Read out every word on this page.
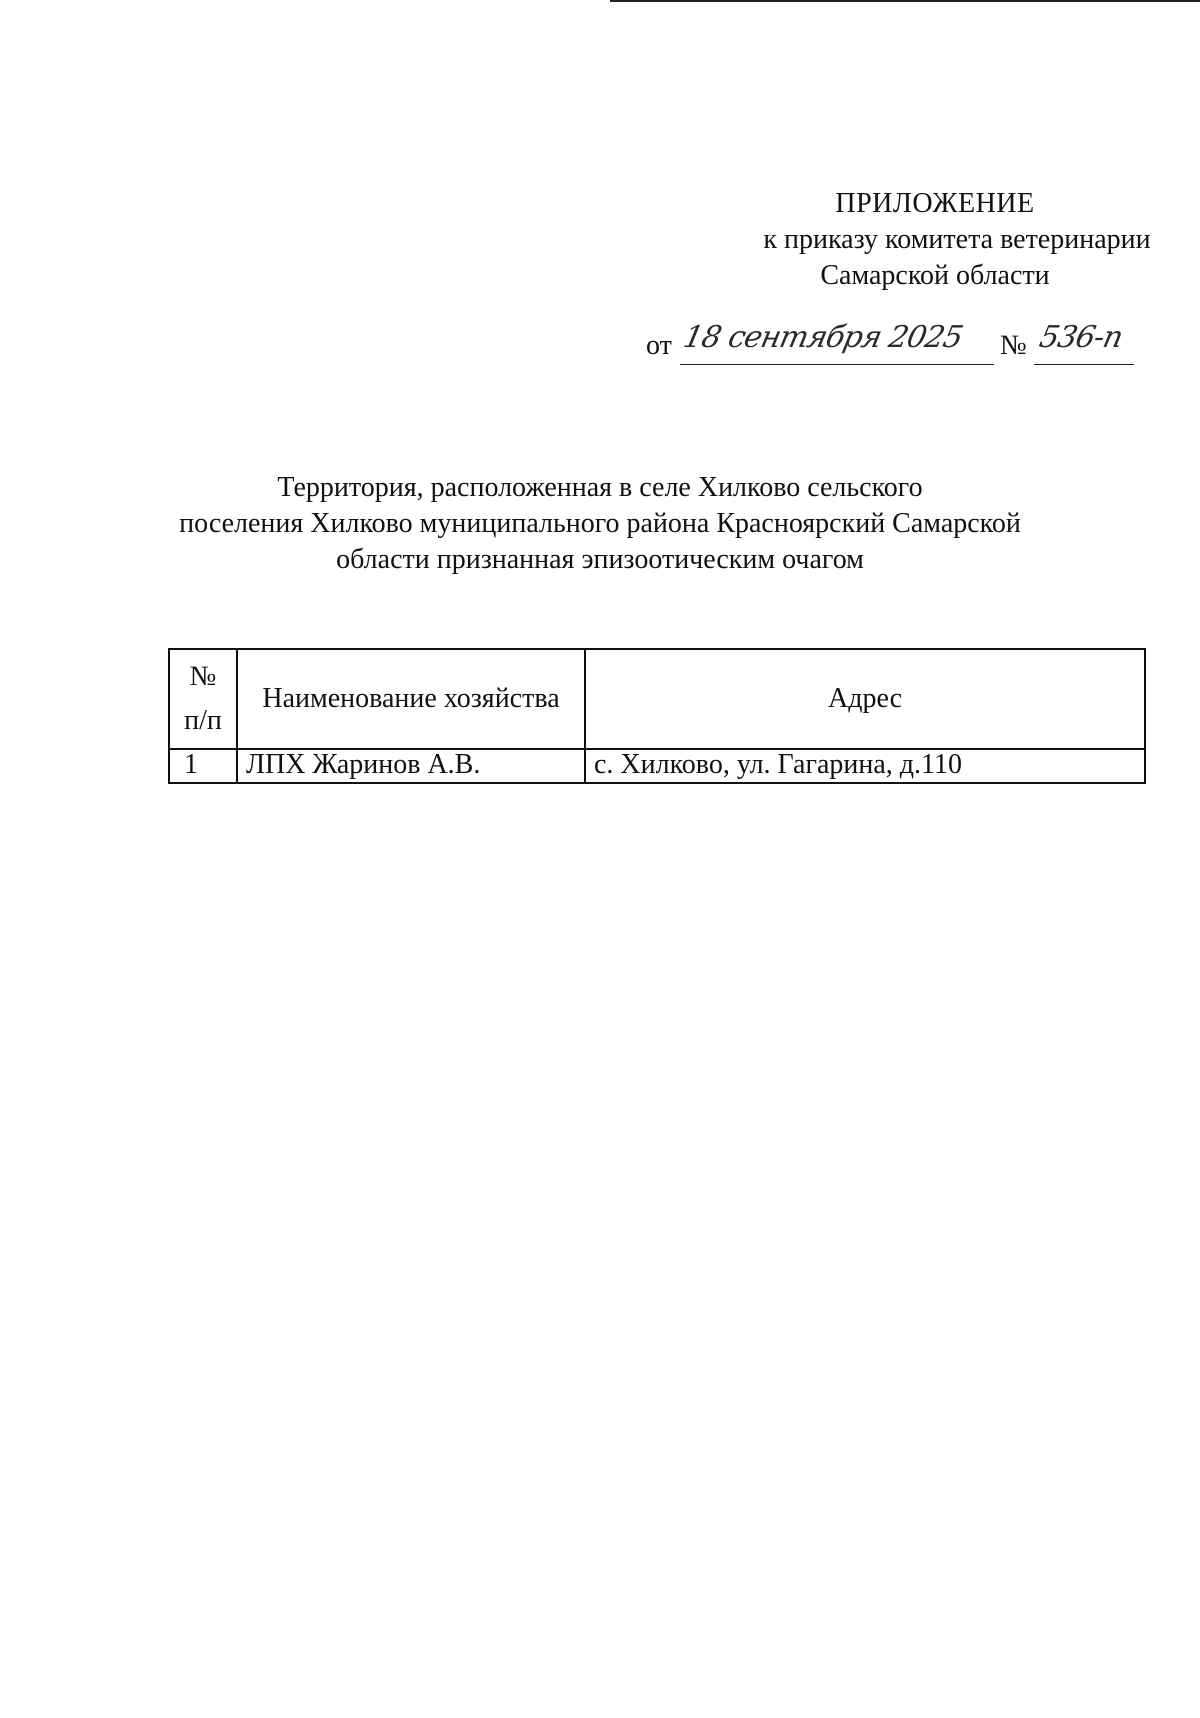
ПРИЛОЖЕНИЕ
к приказу комитета ветеринарии
Самарской области
от 18 сентября 2025 № 536-п
Территория, расположенная в селе Хилково сельского
поселения Хилково муниципального района Красноярский Самарской
области признанная эпизоотическим очагом
№
п/п	Наименование хозяйства	Адрес
1	ЛПХ Жаринов А.В.	с. Хилково, ул. Гагарина, д.110
